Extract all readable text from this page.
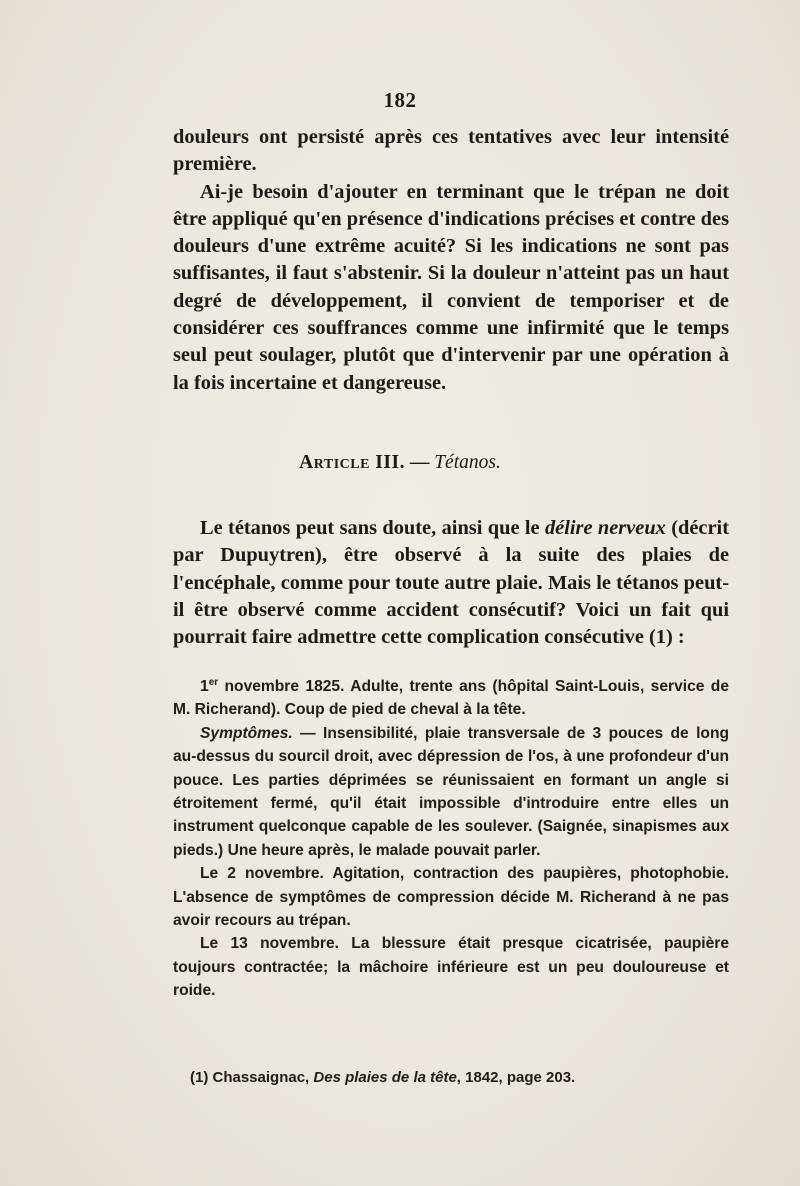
182

douleurs ont persisté après ces tentatives avec leur intensité première.

Ai-je besoin d'ajouter en terminant que le trépan ne doit être appliqué qu'en présence d'indications précises et contre des douleurs d'une extrême acuité? Si les indications ne sont pas suffisantes, il faut s'abstenir. Si la douleur n'atteint pas un haut degré de développement, il convient de temporiser et de considérer ces souffrances comme une infirmité que le temps seul peut soulager, plutôt que d'intervenir par une opération à la fois incertaine et dangereuse.

Article III. — Tétanos.

Le tétanos peut sans doute, ainsi que le délire nerveux (décrit par Dupuytren), être observé à la suite des plaies de l'encéphale, comme pour toute autre plaie. Mais le tétanos peut-il être observé comme accident consécutif? Voici un fait qui pourrait faire admettre cette complication consécutive (1) :

1er novembre 1825. Adulte, trente ans (hôpital Saint-Louis, service de M. Richerand). Coup de pied de cheval à la tête.

Symptômes. — Insensibilité, plaie transversale de 3 pouces de long au-dessus du sourcil droit, avec dépression de l'os, à une profondeur d'un pouce. Les parties déprimées se réunissaient en formant un angle si étroitement fermé, qu'il était impossible d'introduire entre elles un instrument quelconque capable de les soulever. (Saignée, sinapismes aux pieds.) Une heure après, le malade pouvait parler.

Le 2 novembre. Agitation, contraction des paupières, photophobie. L'absence de symptômes de compression décide M. Richerand à ne pas avoir recours au trépan.

Le 13 novembre. La blessure était presque cicatrisée, paupière toujours contractée; la mâchoire inférieure est un peu douloureuse et roide.

(1) Chassaignac, Des plaies de la tête, 1842, page 203.
